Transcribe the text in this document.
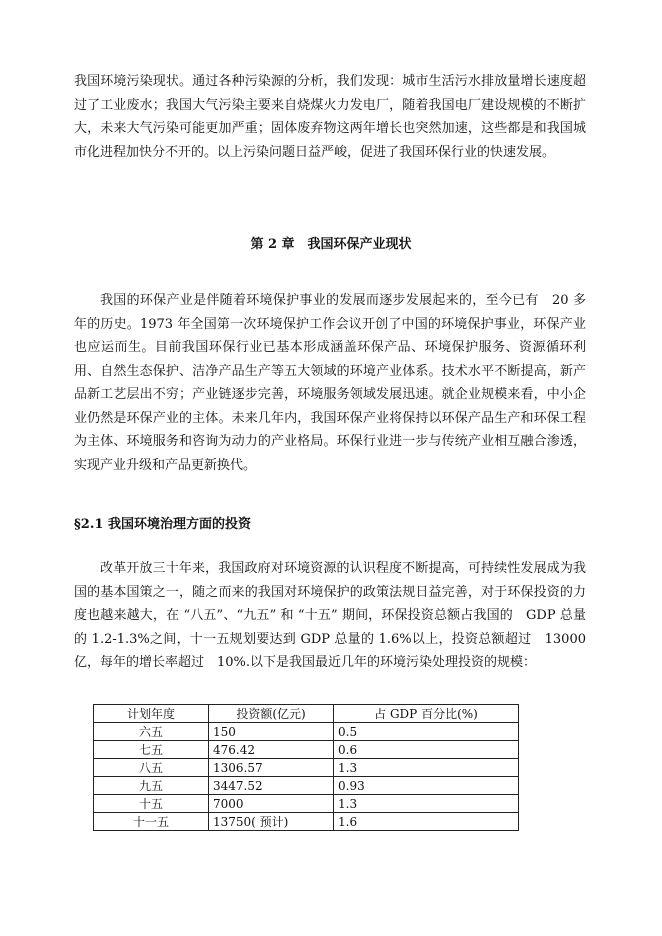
我国环境污染现状。通过各种污染源的分析，我们发现：城市生活污水排放量增长速度超过了工业废水；我国大气污染主要来自烧煤火力发电厂，随着我国电厂建设规模的不断扩大，未来大气污染可能更加严重；固体废弃物这两年增长也突然加速，这些都是和我国城市化进程加快分不开的。以上污染问题日益严峻，促进了我国环保行业的快速发展。

第 2 章　我国环保产业现状

我国的环保产业是伴随着环境保护事业的发展而逐步发展起来的，至今已有　20 多年的历史。1973 年全国第一次环境保护工作会议开创了中国的环境保护事业，环保产业也应运而生。目前我国环保行业已基本形成涵盖环保产品、环境保护服务、资源循环利用、自然生态保护、洁净产品生产等五大领域的环境产业体系。技术水平不断提高，新产品新工艺层出不穷；产业链逐步完善，环境服务领域发展迅速。就企业规模来看，中小企业仍然是环保产业的主体。未来几年内，我国环保产业将保持以环保产品生产和环保工程为主体、环境服务和咨询为动力的产业格局。环保行业进一步与传统产业相互融合渗透，实现产业升级和产品更新换代。

§2.1 我国环境治理方面的投资

改革开放三十年来，我国政府对环境资源的认识程度不断提高，可持续性发展成为我国的基本国策之一，随之而来的我国对环境保护的政策法规日益完善，对于环保投资的力度也越来越大，在 “八五”、“九五” 和 “十五” 期间，环保投资总额占我国的　GDP 总量的 1.2-1.3%之间，十一五规划要达到 GDP 总量的 1.6%以上，投资总额超过　13000 亿，每年的增长率超过　10%.以下是我国最近几年的环境污染处理投资的规模：

计划年度	投资额(亿元)	占 GDP 百分比(%)
六五	150	0.5
七五	476.42	0.6
八五	1306.57	1.3
九五	3447.52	0.93
十五	7000	1.3
十一五	13750( 预计)	1.6
